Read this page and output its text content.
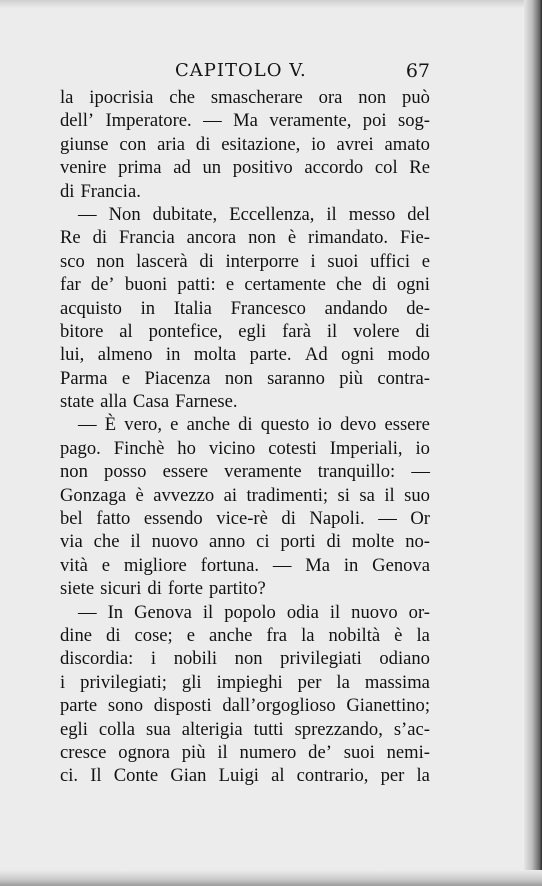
CAPITOLO V.	67
la ipocrisia che smascherare ora non può
dell’ Imperatore. — Ma veramente, poi sog-
giunse con aria di esitazione, io avrei amato
venire prima ad un positivo accordo col Re
di Francia.
— Non dubitate, Eccellenza, il messo del
Re di Francia ancora non è rimandato. Fie-
sco non lascerà di interporre i suoi uffici e
far de’ buoni patti: e certamente che di ogni
acquisto in Italia Francesco andando de-
bitore al pontefice, egli farà il volere di
lui, almeno in molta parte. Ad ogni modo
Parma e Piacenza non saranno più contra-
state alla Casa Farnese.
— È vero, e anche di questo io devo essere
pago. Finchè ho vicino cotesti Imperiali, io
non posso essere veramente tranquillo: —
Gonzaga è avvezzo ai tradimenti; si sa il suo
bel fatto essendo vice-rè di Napoli. — Or
via che il nuovo anno ci porti di molte no-
vità e migliore fortuna. — Ma in Genova
siete sicuri di forte partito?
— In Genova il popolo odia il nuovo or-
dine di cose; e anche fra la nobiltà è la
discordia: i nobili non privilegiati odiano
i privilegiati; gli impieghi per la massima
parte sono disposti dall’orgoglioso Gianettino;
egli colla sua alterigia tutti sprezzando, s’ac-
cresce ognora più il numero de’ suoi nemi-
ci. Il Conte Gian Luigi al contrario, per la
